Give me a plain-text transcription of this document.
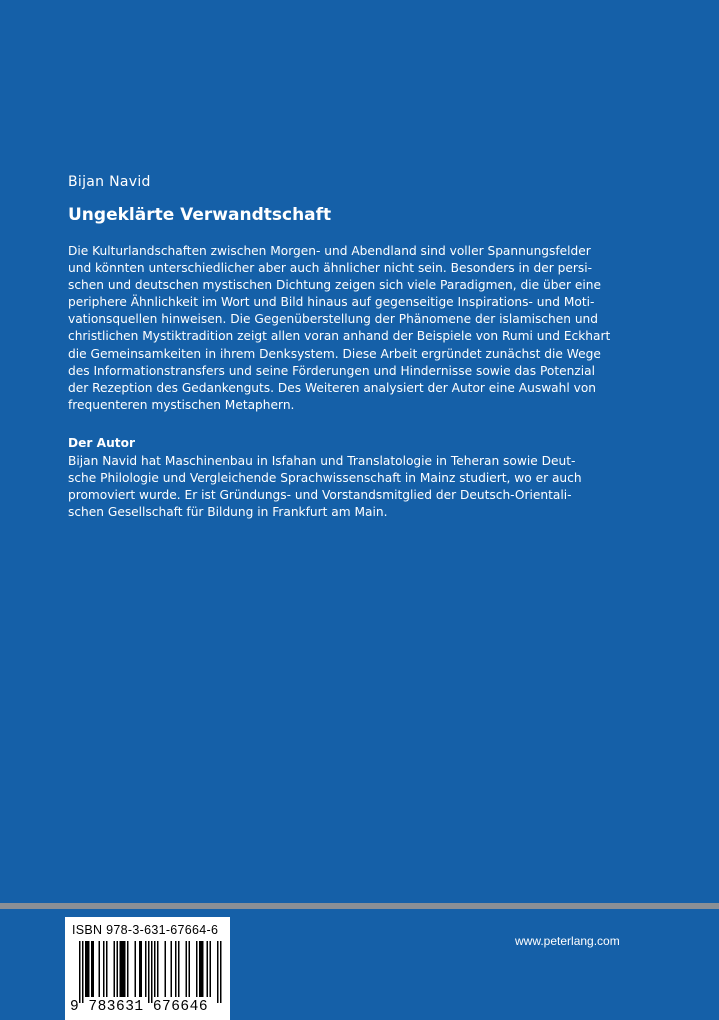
Bijan Navid
Ungeklärte Verwandtschaft

Die Kulturlandschaften zwischen Morgen- und Abendland sind voller Spannungsfelder
und könnten unterschiedlicher aber auch ähnlicher nicht sein. Besonders in der persi-
schen und deutschen mystischen Dichtung zeigen sich viele Paradigmen, die über eine
periphere Ähnlichkeit im Wort und Bild hinaus auf gegenseitige Inspirations- und Moti-
vationsquellen hinweisen. Die Gegenüberstellung der Phänomene der islamischen und
christlichen Mystiktradition zeigt allen voran anhand der Beispiele von Rumi und Eckhart
die Gemeinsamkeiten in ihrem Denksystem. Diese Arbeit ergründet zunächst die Wege
des Informationstransfers und seine Förderungen und Hindernisse sowie das Potenzial
der Rezeption des Gedankenguts. Des Weiteren analysiert der Autor eine Auswahl von
frequenteren mystischen Metaphern.

Der Autor

Bijan Navid hat Maschinenbau in Isfahan und Translatologie in Teheran sowie Deut-
sche Philologie und Vergleichende Sprachwissenschaft in Mainz studiert, wo er auch
promoviert wurde. Er ist Gründungs- und Vorstandsmitglied der Deutsch-Orientali-
schen Gesellschaft für Bildung in Frankfurt am Main.

ISBN 978-3-631-67664-6
9 783631 676646
www.peterlang.com
